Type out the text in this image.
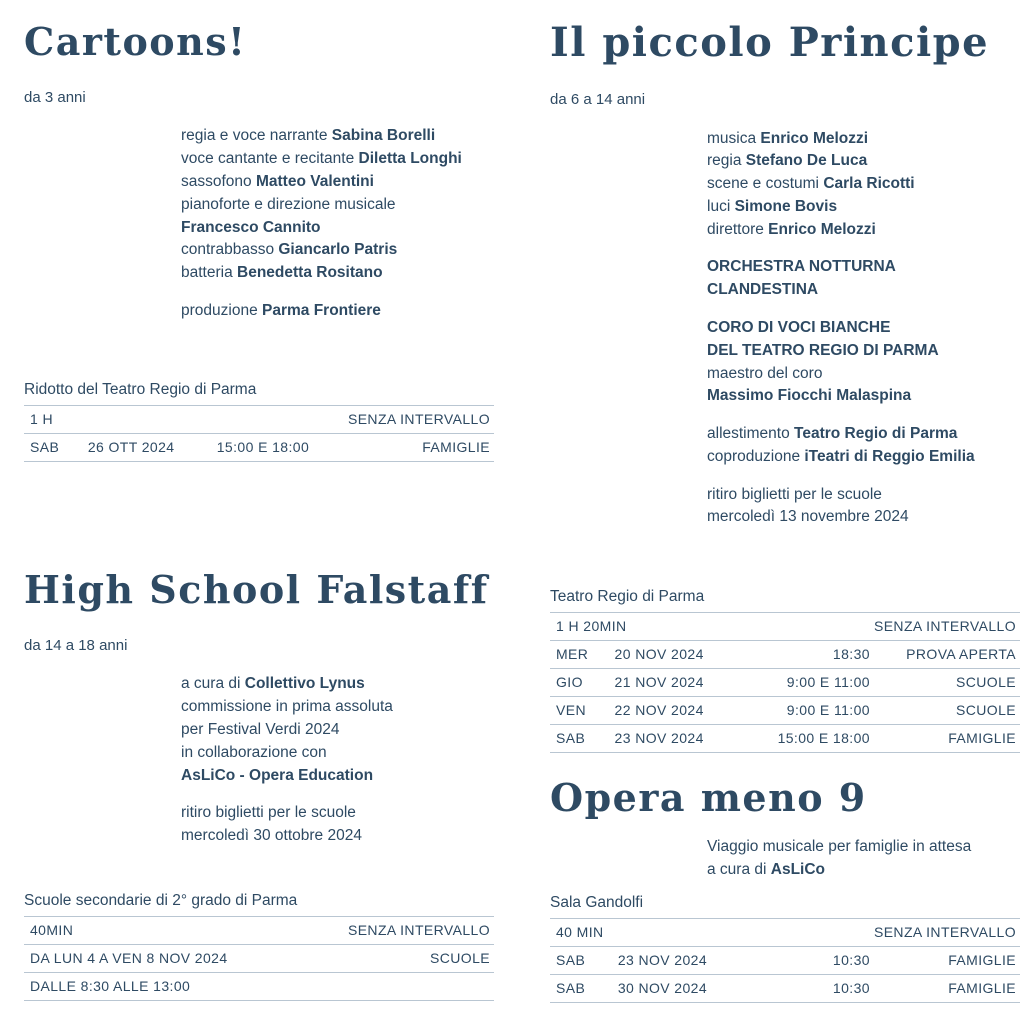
Cartoons!

da 3 anni

regia e voce narrante Sabina Borelli
voce cantante e recitante Diletta Longhi
sassofono Matteo Valentini
pianoforte e direzione musicale
Francesco Cannito
contrabbasso Giancarlo Patris
batteria Benedetta Rositano
produzione Parma Frontiere

Ridotto del Teatro Regio di Parma

1 H			SENZA INTERVALLO
SAB	26 OTT 2024	15:00 E 18:00	FAMIGLIE
Il piccolo Principe

da 6 a 14 anni

musica Enrico Melozzi
regia Stefano De Luca
scene e costumi Carla Ricotti
luci Simone Bovis
direttore Enrico Melozzi
ORCHESTRA NOTTURNA
CLANDESTINA
CORO DI VOCI BIANCHE
DEL TEATRO REGIO DI PARMA
maestro del coro
Massimo Fiocchi Malaspina
allestimento Teatro Regio di Parma
coproduzione iTeatri di Reggio Emilia
ritiro biglietti per le scuole
mercoledì 13 novembre 2024

Teatro Regio di Parma

1 H 20MIN			SENZA INTERVALLO
MER	20 NOV 2024	18:30	PROVA APERTA
GIO	21 NOV 2024	9:00 E 11:00	SCUOLE
VEN	22 NOV 2024	9:00 E 11:00	SCUOLE
SAB	23 NOV 2024	15:00 E 18:00	FAMIGLIE
High School Falstaff

da 14 a 18 anni

a cura di Collettivo Lynus
commissione in prima assoluta
per Festival Verdi 2024
in collaborazione con
AsLiCo - Opera Education
ritiro biglietti per le scuole
mercoledì 30 ottobre 2024

Scuole secondarie di 2° grado di Parma

40MIN	SENZA INTERVALLO
DA LUN 4 A VEN 8 NOV 2024	SCUOLE
DALLE 8:30 ALLE 13:00	
Opera meno 9
Viaggio musicale per famiglie in attesa
a cura di AsLiCo

Sala Gandolfi

40 MIN			SENZA INTERVALLO
SAB	23 NOV 2024	10:30	FAMIGLIE
SAB	30 NOV 2024	10:30	FAMIGLIE
